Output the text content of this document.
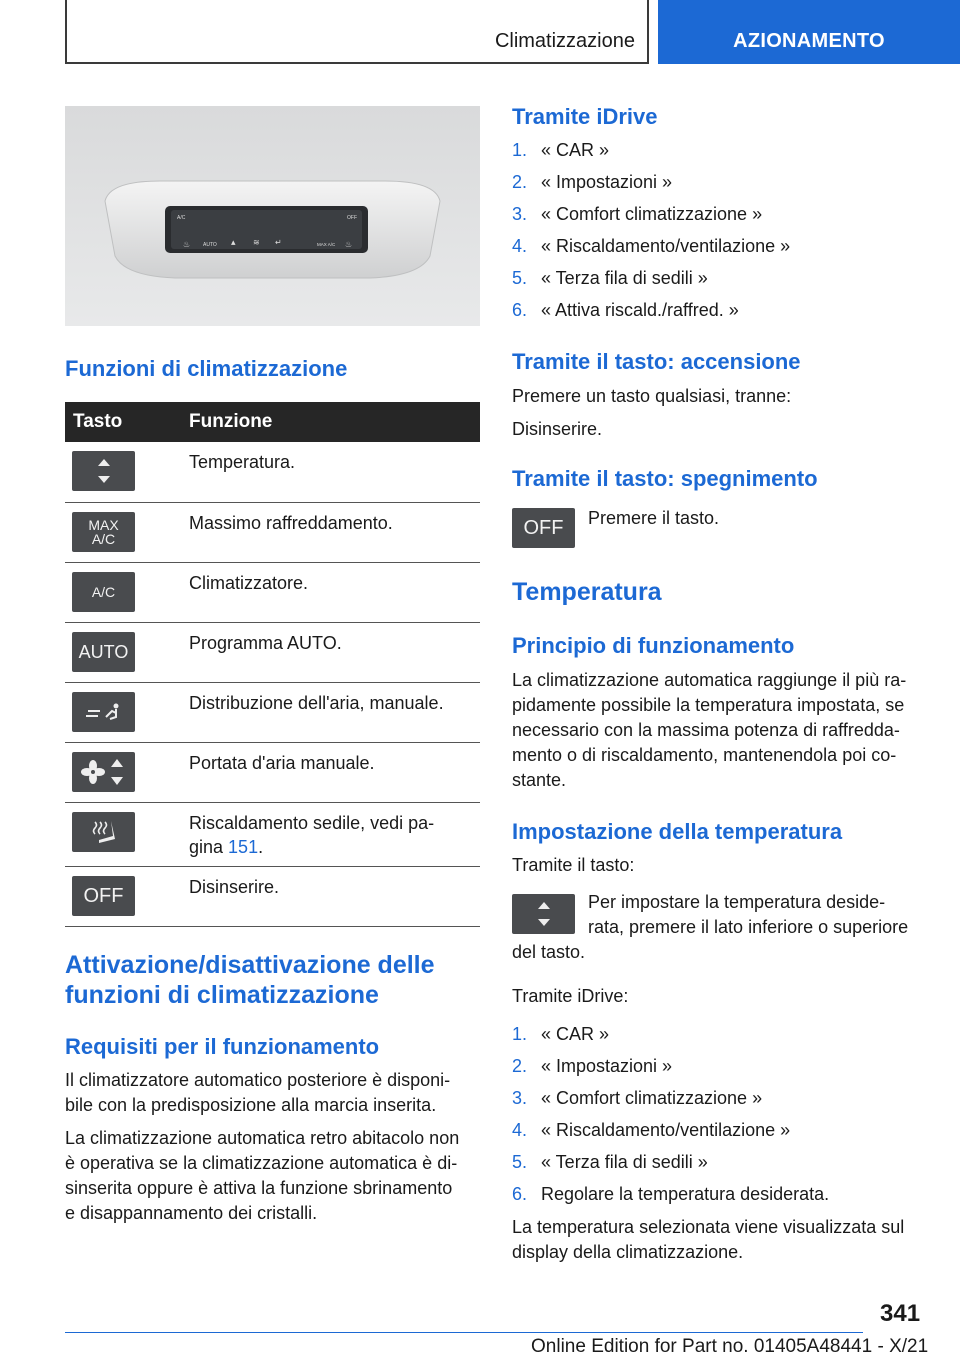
Climatizzazione	AZIONAMENTO
A/C	OFF
AUTO	MAX A/C
▴ ≋ ↵
♨	♨
Funzioni di climatizzazione
Tasto	Funzione

	Temperatura.

MAX A/C	Massimo raffreddamento.

A/C	Climatizzatore.

AUTO	Programma AUTO.

	Distribuzione dell'aria, manuale.

	Portata d'aria manuale.

	Riscaldamento sedile, vedi pa-
gina 151.

OFF	Disinserire.
Attivazione/disattivazione delle
funzioni di climatizzazione
Requisiti per il funzionamento

Il climatizzatore automatico posteriore è disponi-

bile con la predisposizione alla marcia inserita.

La climatizzazione automatica retro abitacolo non

è operativa se la climatizzazione automatica è di-

sinserita oppure è attiva la funzione sbrinamento

e disappannamento dei cristalli.

Tramite iDrive
1. « CAR »
2. « Impostazioni »
3. « Comfort climatizzazione »
4. « Riscaldamento/ventilazione »
5. « Terza fila di sedili »
6. « Attiva riscald./raffred. »
Tramite il tasto: accensione

Premere un tasto qualsiasi, tranne:

Disinserire.

Tramite il tasto: spegnimento
OFF Premere il tasto.

Temperatura
Principio di funzionamento

La climatizzazione automatica raggiunge il più ra-

pidamente possibile la temperatura impostata, se

necessario con la massima potenza di raffredda-

mento o di riscaldamento, mantenendola poi co-

stante.

Impostazione della temperatura

Tramite il tasto:

Per impostare la temperatura deside-

rata, premere il lato inferiore o superiore

del tasto.

Tramite iDrive:

1. « CAR »
2. « Impostazioni »
3. « Comfort climatizzazione »
4. « Riscaldamento/ventilazione »
5. « Terza fila di sedili »
6. Regolare la temperatura desiderata.

La temperatura selezionata viene visualizzata sul

display della climatizzazione.

341
Online Edition for Part no. 01405A48441 - X/21
